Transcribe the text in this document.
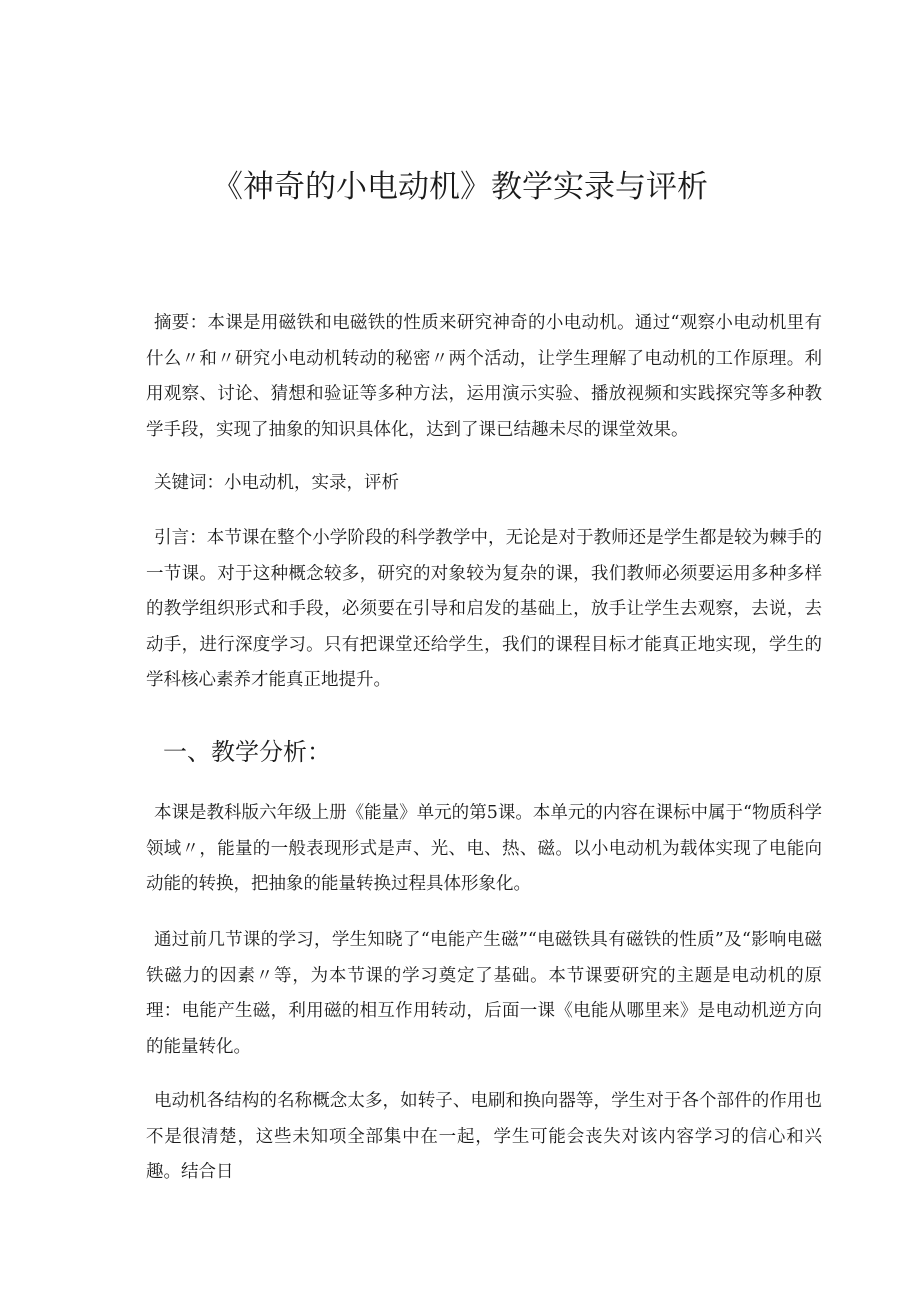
《神奇的小电动机》教学实录与评析
摘要：本课是用磁铁和电磁铁的性质来研究神奇的小电动机。通过“观察小电动机里有什么〃和〃研究小电动机转动的秘密〃两个活动，让学生理解了电动机的工作原理。利用观察、讨论、猜想和验证等多种方法，运用演示实验、播放视频和实践探究等多种教学手段，实现了抽象的知识具体化，达到了课已结趣未尽的课堂效果。
关键词：小电动机，实录，评析
引言：本节课在整个小学阶段的科学教学中，无论是对于教师还是学生都是较为棘手的一节课。对于这种概念较多，研究的对象较为复杂的课，我们教师必须要运用多种多样的教学组织形式和手段，必须要在引导和启发的基础上，放手让学生去观察，去说，去动手，进行深度学习。只有把课堂还给学生，我们的课程目标才能真正地实现，学生的学科核心素养才能真正地提升。
一、教学分析：
本课是教科版六年级上册《能量》单元的第5课。本单元的内容在课标中属于“物质科学领域〃，能量的一般表现形式是声、光、电、热、磁。以小电动机为载体实现了电能向动能的转换，把抽象的能量转换过程具体形象化。
通过前几节课的学习，学生知晓了“电能产生磁”“电磁铁具有磁铁的性质”及“影响电磁铁磁力的因素〃等，为本节课的学习奠定了基础。本节课要研究的主题是电动机的原理：电能产生磁，利用磁的相互作用转动，后面一课《电能从哪里来》是电动机逆方向的能量转化。
电动机各结构的名称概念太多，如转子、电刷和换向器等，学生对于各个部件的作用也不是很清楚，这些未知项全部集中在一起，学生可能会丧失对该内容学习的信心和兴趣。结合日
